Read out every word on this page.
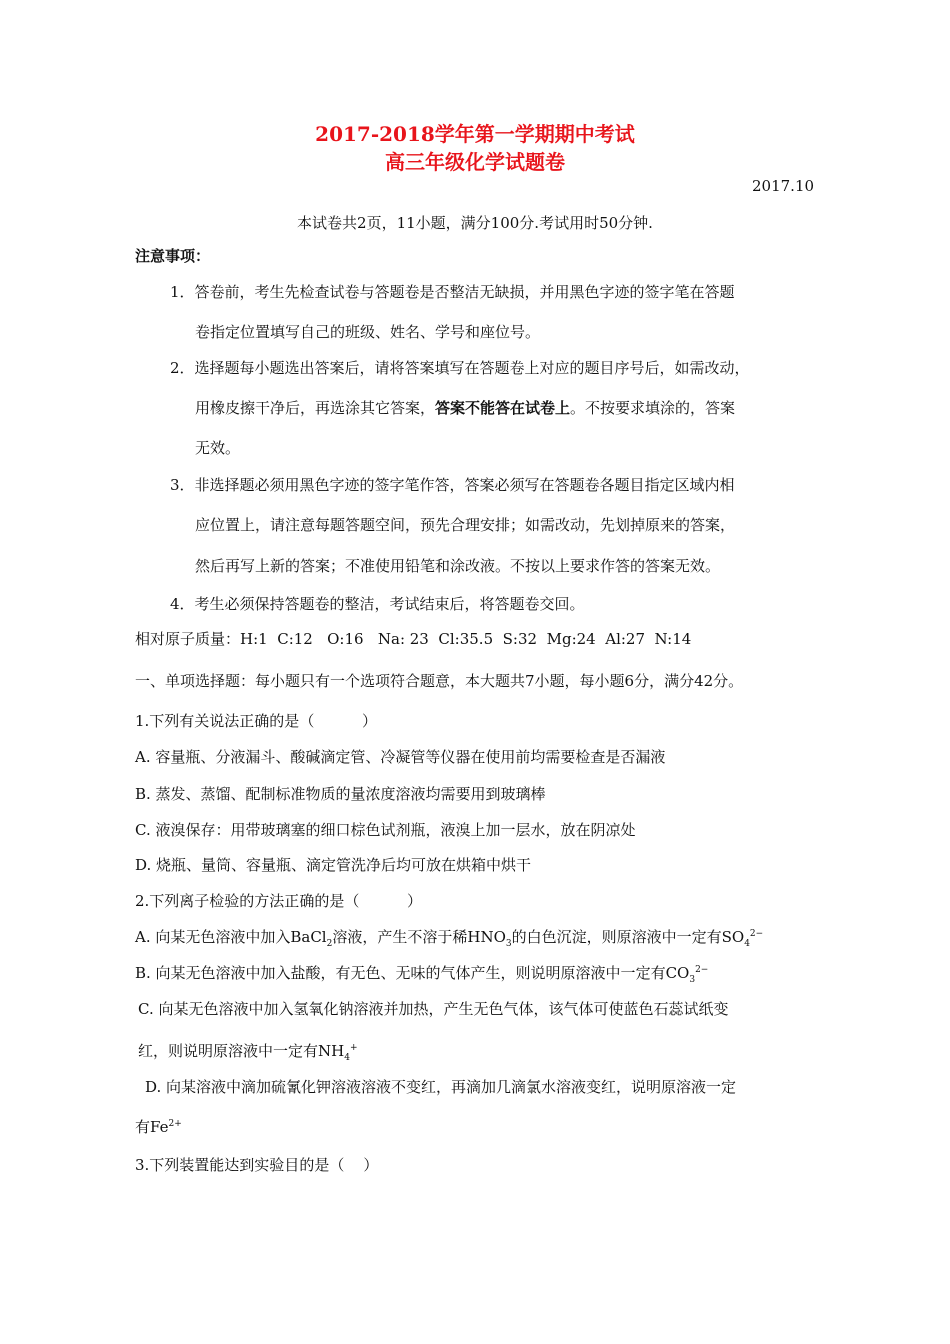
2017-2018学年第一学期期中考试
高三年级化学试题卷
2017.10
本试卷共2页，11小题，满分100分.考试用时50分钟.
注意事项：
1．答卷前，考生先检查试卷与答题卷是否整洁无缺损，并用黑色字迹的签字笔在答题
卷指定位置填写自己的班级、姓名、学号和座位号。
2．选择题每小题选出答案后，请将答案填写在答题卷上对应的题目序号后，如需改动，
用橡皮擦干净后，再选涂其它答案，答案不能答在试卷上。不按要求填涂的，答案
无效。
3．非选择题必须用黑色字迹的签字笔作答，答案必须写在答题卷各题目指定区域内相
应位置上，请注意每题答题空间，预先合理安排；如需改动，先划掉原来的答案，
然后再写上新的答案；不准使用铅笔和涂改液。不按以上要求作答的答案无效。
4．考生必须保持答题卷的整洁，考试结束后，将答题卷交回。
相对原子质量：H:1  C:12   O:16   Na: 23  Cl:35.5  S:32  Mg:24  Al:27  N:14
一、单项选择题：每小题只有一个选项符合题意，本大题共7小题，每小题6分，满分42分。
1.下列有关说法正确的是（          ）
A. 容量瓶、分液漏斗、酸碱滴定管、冷凝管等仪器在使用前均需要检查是否漏液
B. 蒸发、蒸馏、配制标准物质的量浓度溶液均需要用到玻璃棒
C. 液溴保存：用带玻璃塞的细口棕色试剂瓶，液溴上加一层水，放在阴凉处
D. 烧瓶、量筒、容量瓶、滴定管洗净后均可放在烘箱中烘干
2.下列离子检验的方法正确的是（          ）
A. 向某无色溶液中加入BaCl$_2$溶液，产生不溶于稀$HNO_3$的白色沉淀，则原溶液中一定有$SO_4^{2-}$
B. 向某无色溶液中加入盐酸，有无色、无味的气体产生，则说明原溶液中一定有$CO_3^{2-}$
C. 向某无色溶液中加入氢氧化钠溶液并加热，产生无色气体，该气体可使蓝色石蕊试纸变
红，则说明原溶液中一定有$NH_4^+$
D. 向某溶液中滴加硫氰化钾溶液溶液不变红，再滴加几滴氯水溶液变红，说明原溶液一定
有$Fe^{2+}$
3.下列装置能达到实验目的是（    ）
